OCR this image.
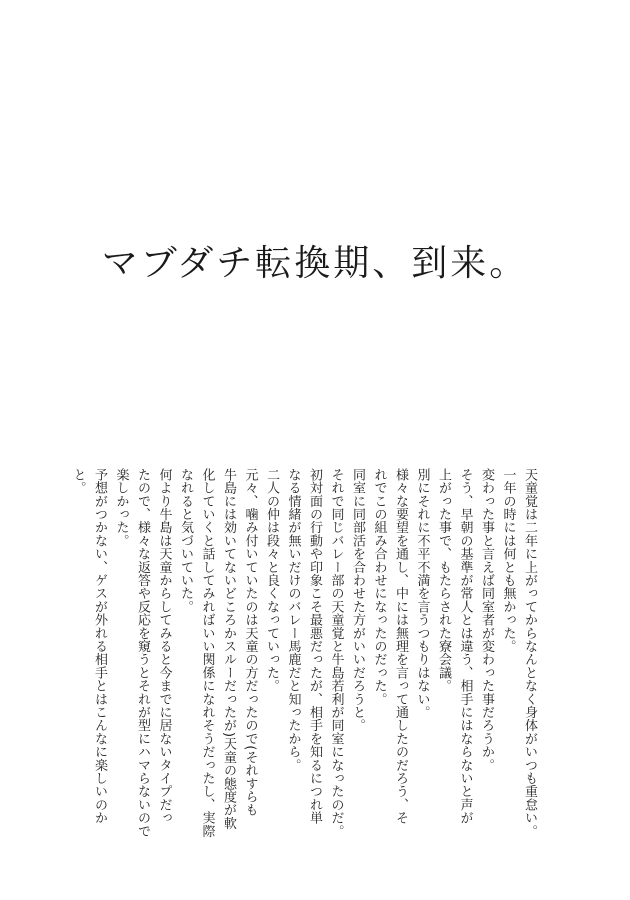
マブダチ転換期、到来。

天童覚は二年に上がってからなんとなく身体がいつも重怠い。

一年の時には何とも無かった。

変わった事と言えば同室者が変わった事だろうか。

そう、早朝の基準が常人とは違う、相手にはならないと声が

上がった事で、もたらされた寮会議。

別にそれに不平不満を言うつもりはない。

様々な要望を通し、中には無理を言って通したのだろう、そ

れでこの組み合わせになったのだった。

同室に同部活を合わせた方がいいだろうと。

それで同じバレー部の天童覚と牛島若利が同室になったのだ。

初対面の行動や印象こそ最悪だったが、相手を知るにつれ単

なる情緒が無いだけのバレー馬鹿だと知ったから。

二人の仲は段々と良くなっていった。

元々、噛み付いていたのは天童の方だったので(それすらも

牛島には効いてないどころかスルーだったが)天童の態度が軟

化していくと話してみればいい関係になれそうだったし、実際

なれると気づいていた。

何より牛島は天童からしてみると今までに居ないタイプだっ

たので、様々な返答や反応を窺うとそれが型にハマらないので

楽しかった。

予想がつかない、ゲスが外れる相手とはこんなに楽しいのか

と。
